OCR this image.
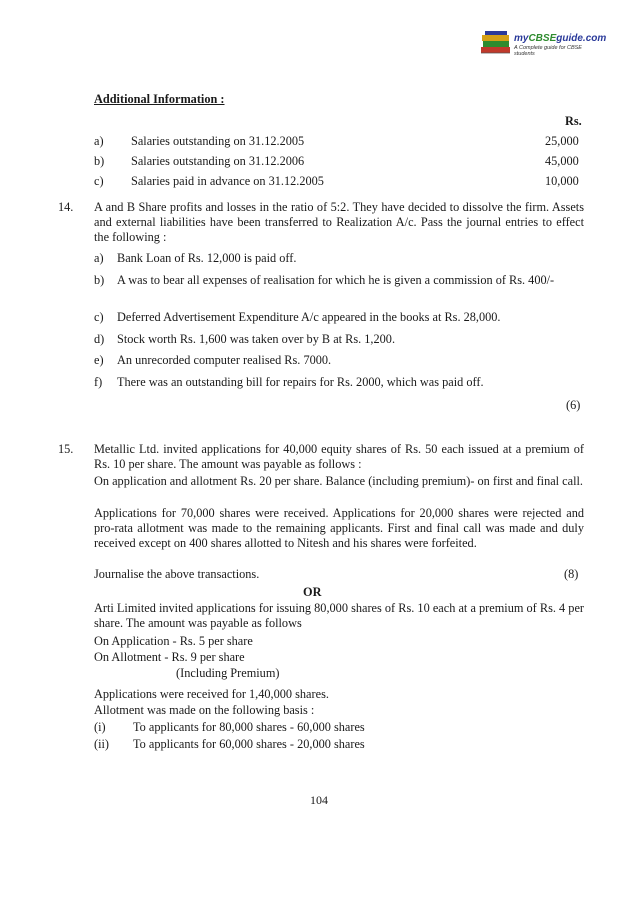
myCBSEguide.com
A Complete guide for CBSE students
Additional Information :
Rs.
a) Salaries outstanding on 31.12.2005	25,000
b) Salaries outstanding on 31.12.2006	45,000
c) Salaries paid in advance on 31.12.2005	10,000
14. A and B Share profits and losses in the ratio of 5:2. They have decided to dissolve the firm. Assets and external liabilities have been transferred to Realization A/c. Pass the journal entries to effect the following :
a) Bank Loan of Rs. 12,000 is paid off.
b) A was to bear all expenses of realisation for which he is given a commission of Rs. 400/-
c) Deferred Advertisement Expenditure A/c appeared in the books at Rs. 28,000.
d) Stock worth Rs. 1,600 was taken over by B at Rs. 1,200.
e) An unrecorded computer realised Rs. 7000.
f) There was an outstanding bill for repairs for Rs. 2000, which was paid off.
(6)
15. Metallic Ltd. invited applications for 40,000 equity shares of Rs. 50 each issued at a premium of Rs. 10 per share. The amount was payable as follows :
On application and allotment Rs. 20 per share. Balance (including premium)- on first and final call.
Applications for 70,000 shares were received. Applications for 20,000 shares were rejected and pro-rata allotment was made to the remaining applicants. First and final call was made and duly received except on 400 shares allotted to Nitesh and his shares were forfeited.
Journalise the above transactions.	(8)
OR
Arti Limited invited applications for issuing 80,000 shares of Rs. 10 each at a premium of Rs. 4 per share. The amount was payable as follows
On Application - Rs. 5 per share
On Allotment - Rs. 9 per share
(Including Premium)
Applications were received for 1,40,000 shares.
Allotment was made on the following basis :
(i) To applicants for 80,000 shares - 60,000 shares
(ii) To applicants for 60,000 shares - 20,000 shares
104
